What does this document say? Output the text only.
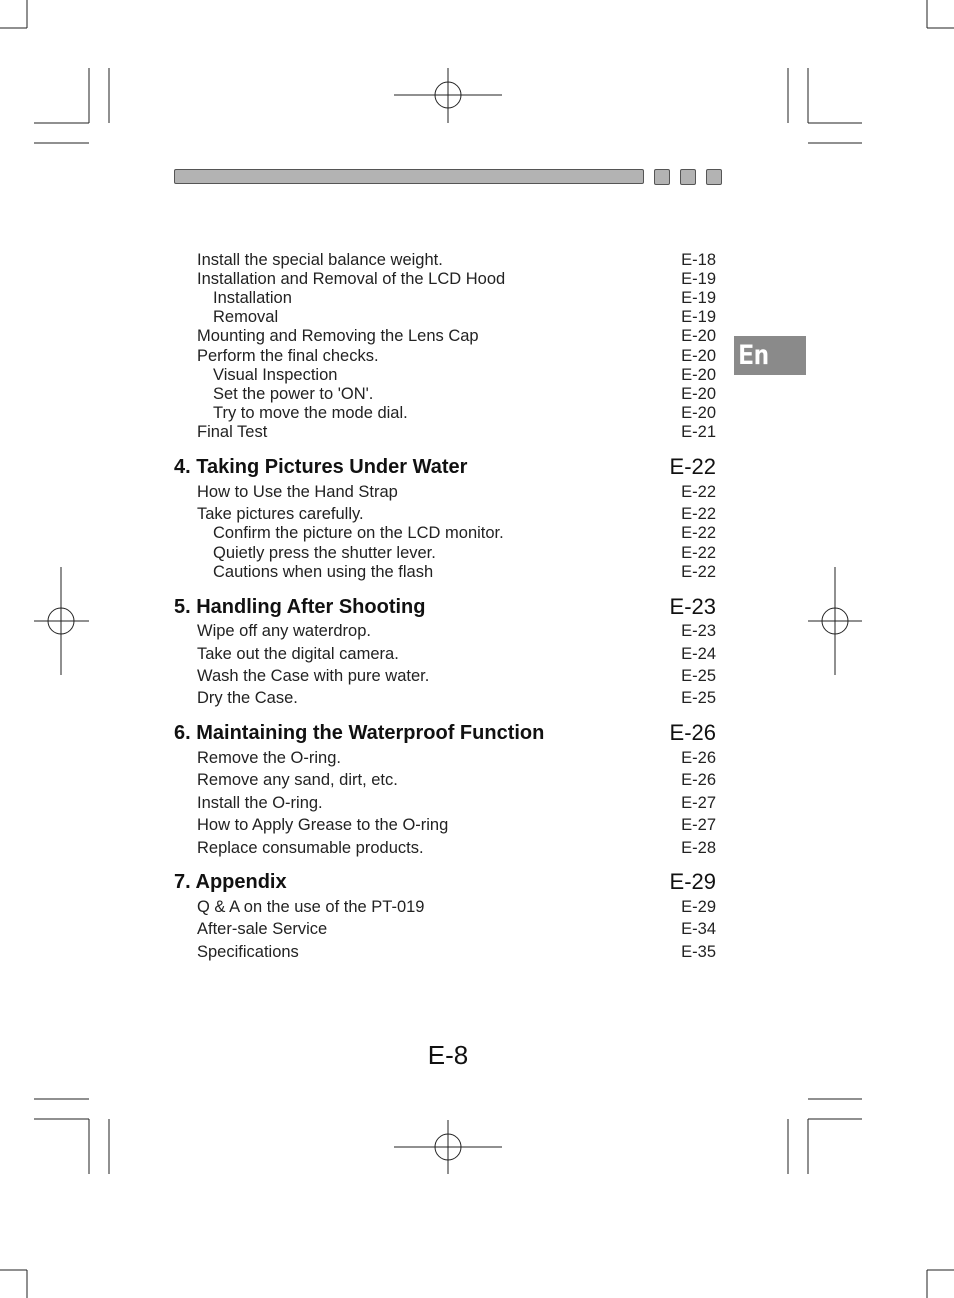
En
Install the special balance weight.	E-18
Installation and Removal of the LCD Hood	E-19
Installation	E-19
Removal	E-19
Mounting and Removing the Lens Cap	E-20
Perform the final checks.	E-20
Visual Inspection	E-20
Set the power to 'ON'.	E-20
Try to move the mode dial.	E-20
Final Test	E-21
4. Taking Pictures Under Water	E-22
How to Use the Hand Strap	E-22
Take pictures carefully.	E-22
Confirm the picture on the LCD monitor.	E-22
Quietly press the shutter lever.	E-22
Cautions when using the flash	E-22
5. Handling After Shooting	E-23
Wipe off any waterdrop.	E-23
Take out the digital camera.	E-24
Wash the Case with pure water.	E-25
Dry the Case.	E-25
6. Maintaining the Waterproof Function	E-26
Remove the O-ring.	E-26
Remove any sand, dirt, etc.	E-26
Install the O-ring.	E-27
How to Apply Grease to the O-ring	E-27
Replace consumable products.	E-28
7. Appendix	E-29
Q & A on the use of the PT-019	E-29
After-sale Service	E-34
Specifications	E-35
E-8
